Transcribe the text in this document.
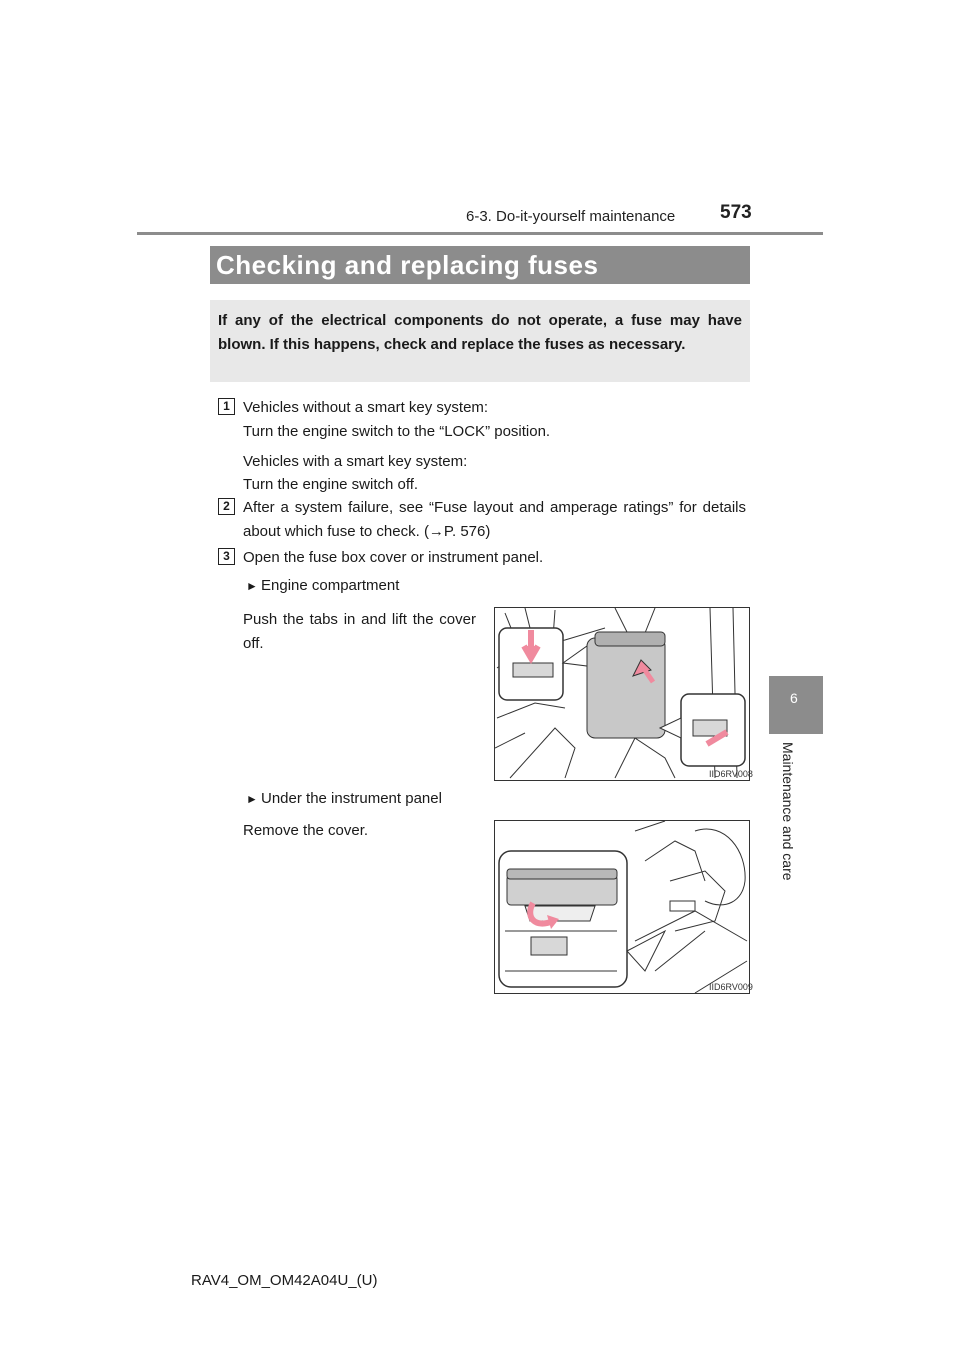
6-3. Do-it-yourself maintenance 573
6
Maintenance and care
Checking and replacing fuses
If any of the electrical components do not operate, a fuse may have blown. If this happens, check and replace the fuses as necessary.
1 Vehicles without a smart key system:
Turn the engine switch to the “LOCK” position.
Vehicles with a smart key system:
Turn the engine switch off.
2 After a system failure, see “Fuse layout and amperage ratings” for details about which fuse to check. (→P. 576)
3 Open the fuse box cover or instrument panel.
► Engine compartment
Push the tabs in and lift the cover off.
IID6RV008
► Under the instrument panel
Remove the cover.
IID6RV009
RAV4_OM_OM42A04U_(U)
